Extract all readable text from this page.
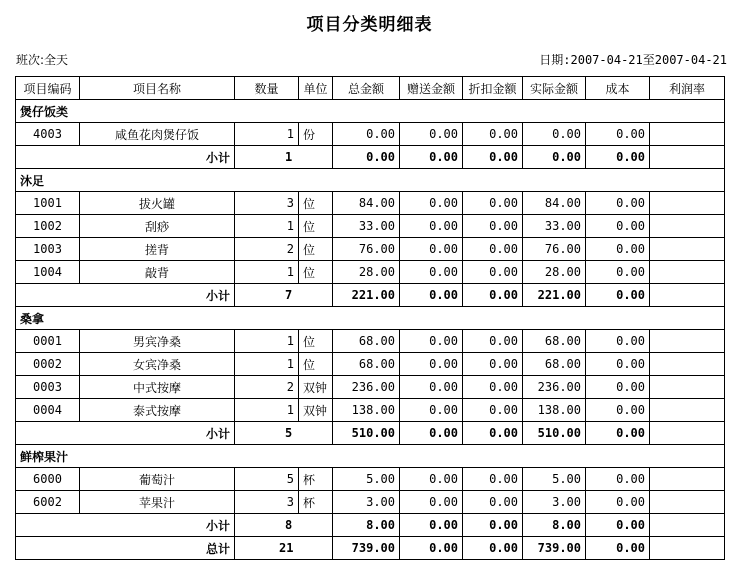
项目分类明细表
班次:全天	日期:2007-04-21至2007-04-21
项目编码	项目名称	数量	单位	总金额	赠送金额	折扣金额	实际金额	成本	利润率
煲仔饭类									
4003	咸鱼花肉煲仔饭	1	份	0.00	0.00	0.00	0.00	0.00	
小计		1		0.00	0.00	0.00	0.00	0.00	
沐足									
1001	拔火罐	3	位	84.00	0.00	0.00	84.00	0.00	
1002	刮痧	1	位	33.00	0.00	0.00	33.00	0.00	
1003	搓背	2	位	76.00	0.00	0.00	76.00	0.00	
1004	敲背	1	位	28.00	0.00	0.00	28.00	0.00	
小计		7		221.00	0.00	0.00	221.00	0.00	
桑拿									
0001	男宾净桑	1	位	68.00	0.00	0.00	68.00	0.00	
0002	女宾净桑	1	位	68.00	0.00	0.00	68.00	0.00	
0003	中式按摩	2	双钟	236.00	0.00	0.00	236.00	0.00	
0004	泰式按摩	1	双钟	138.00	0.00	0.00	138.00	0.00	
小计		5		510.00	0.00	0.00	510.00	0.00	
鲜榨果汁									
6000	葡萄汁	5	杯	5.00	0.00	0.00	5.00	0.00	
6002	苹果汁	3	杯	3.00	0.00	0.00	3.00	0.00	
小计		8		8.00	0.00	0.00	8.00	0.00	
总计		21		739.00	0.00	0.00	739.00	0.00	
